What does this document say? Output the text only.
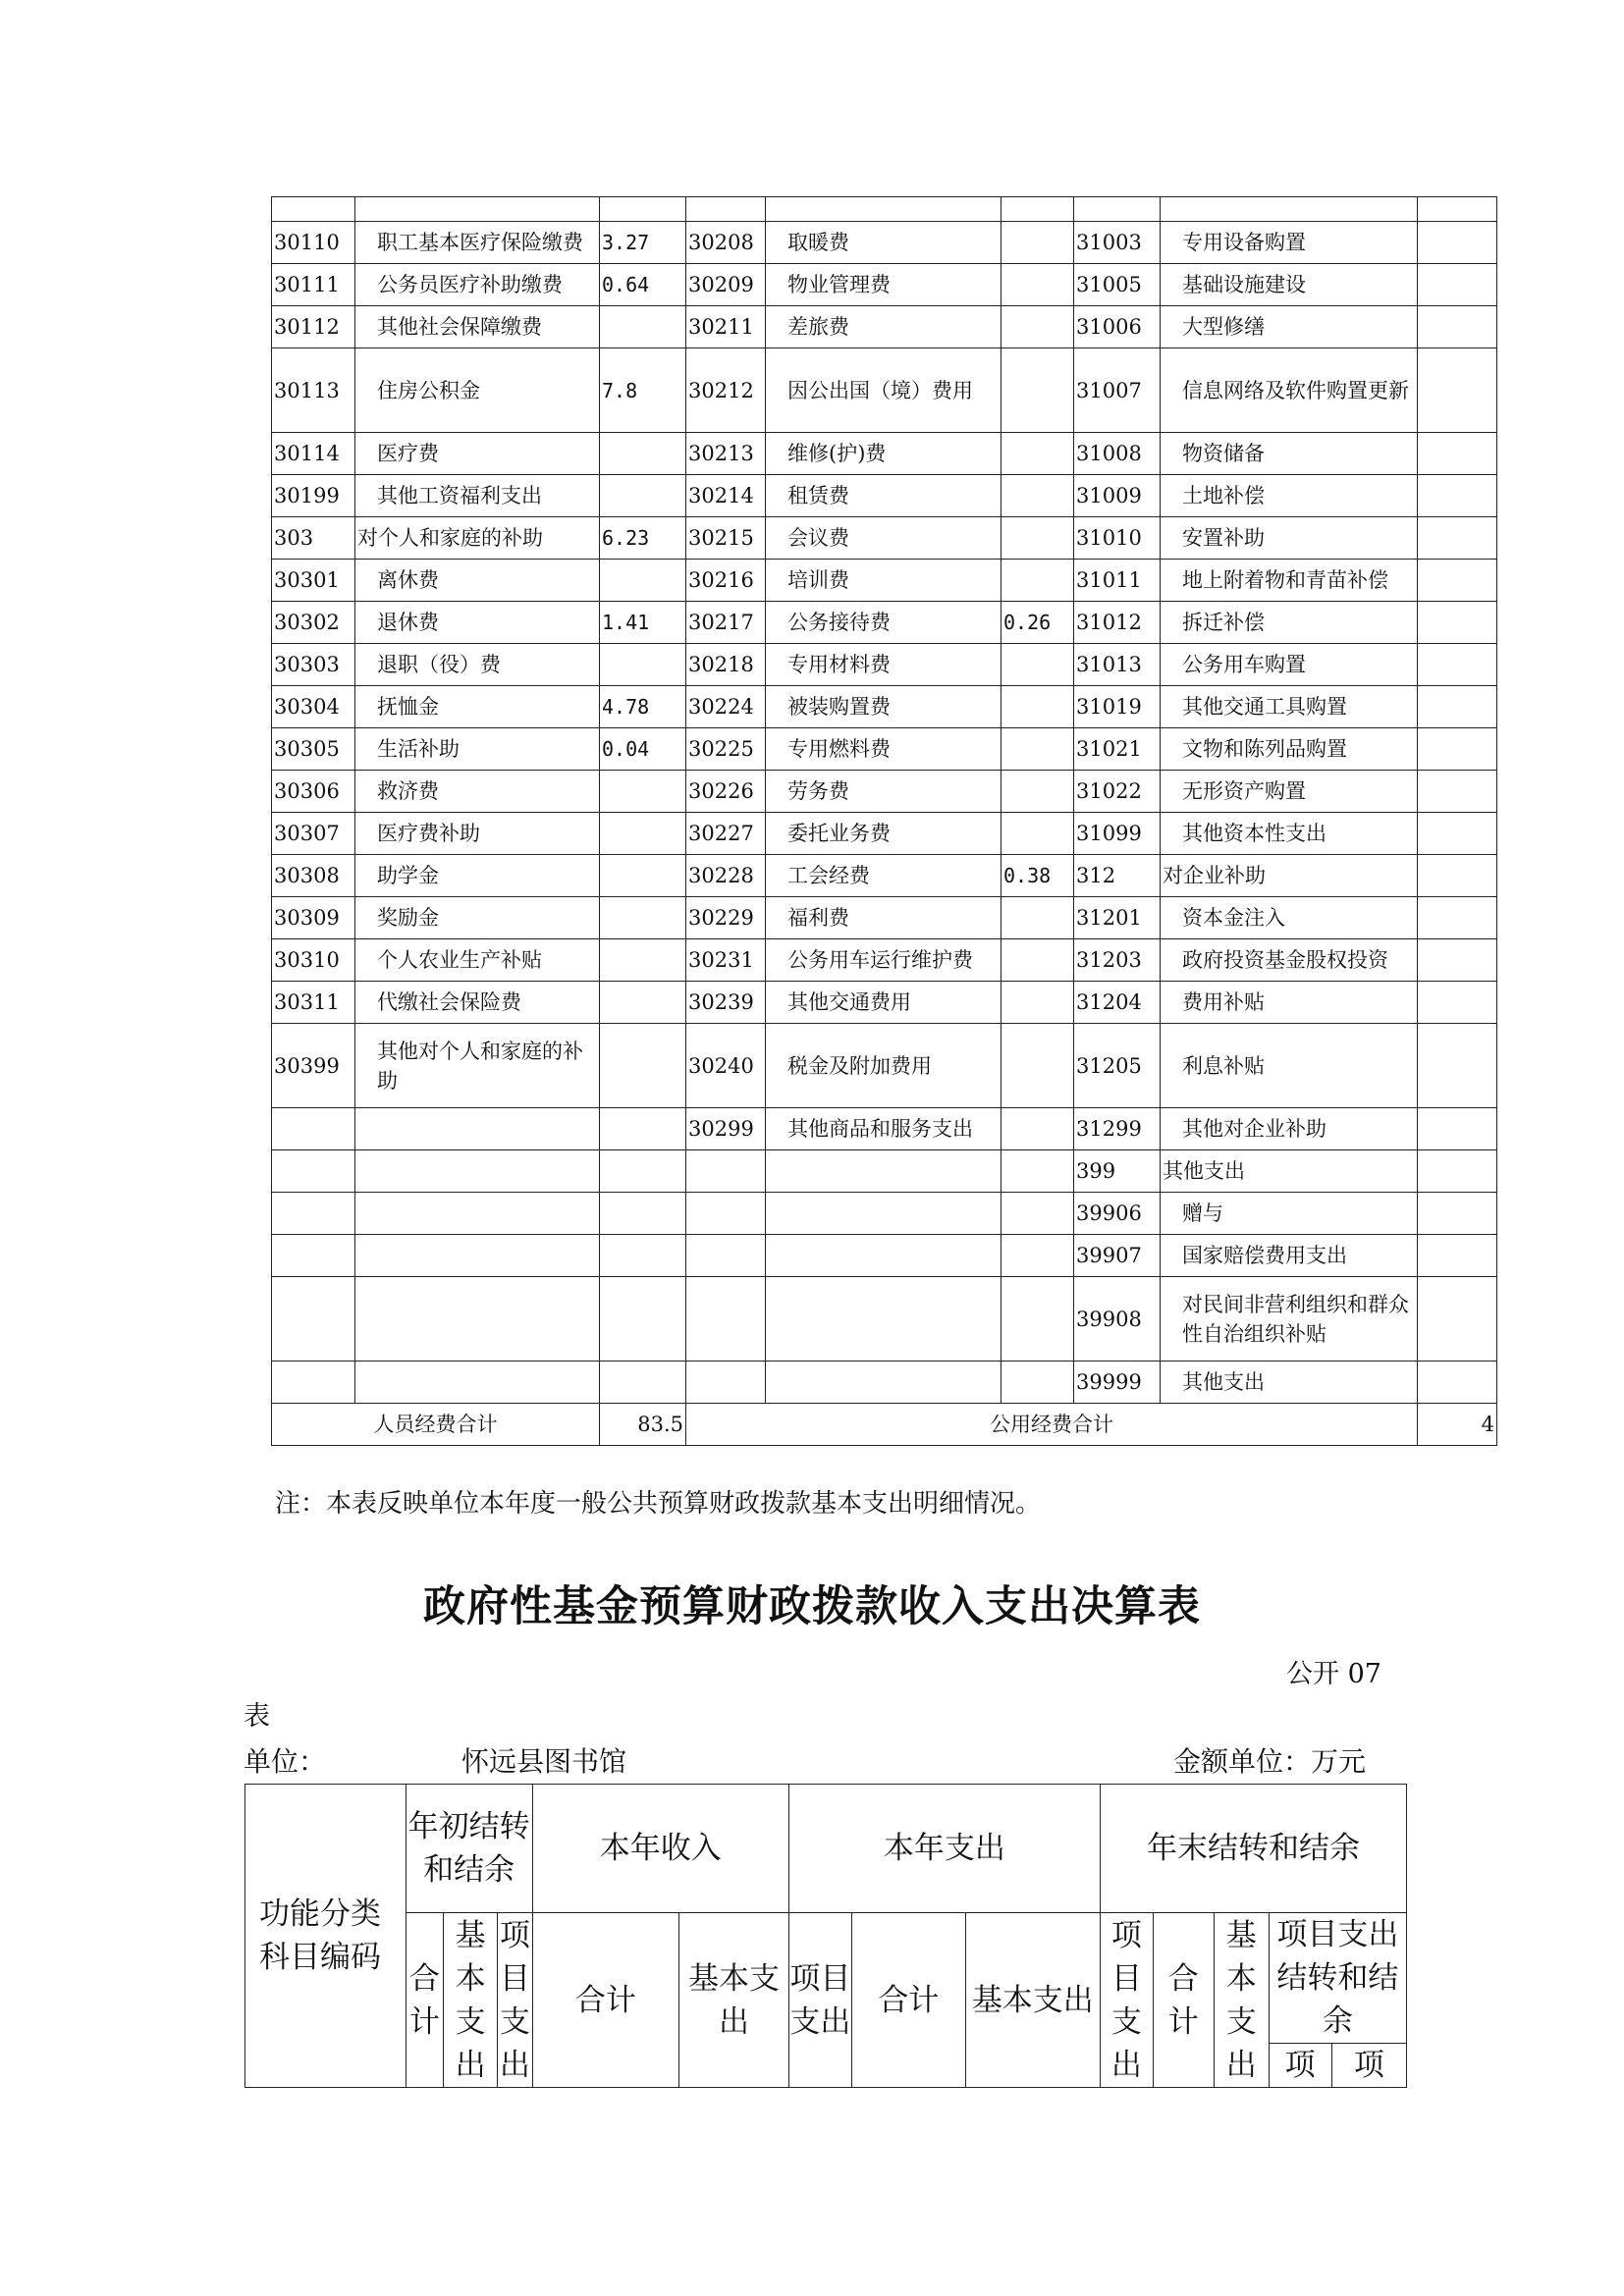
30110	职工基本医疗保险缴费	3.27	30208	取暖费		31003	专用设备购置	
30111	公务员医疗补助缴费	0.64	30209	物业管理费		31005	基础设施建设	
30112	其他社会保障缴费		30211	差旅费		31006	大型修缮	
30113	住房公积金	7.8	30212	因公出国（境）费用		31007	信息网络及软件购置更新	
30114	医疗费		30213	维修(护)费		31008	物资储备	
30199	其他工资福利支出		30214	租赁费		31009	土地补偿	
303	对个人和家庭的补助	6.23	30215	会议费		31010	安置补助	
30301	离休费		30216	培训费		31011	地上附着物和青苗补偿	
30302	退休费	1.41	30217	公务接待费	0.26	31012	拆迁补偿	
30303	退职（役）费		30218	专用材料费		31013	公务用车购置	
30304	抚恤金	4.78	30224	被装购置费		31019	其他交通工具购置	
30305	生活补助	0.04	30225	专用燃料费		31021	文物和陈列品购置	
30306	救济费		30226	劳务费		31022	无形资产购置	
30307	医疗费补助		30227	委托业务费		31099	其他资本性支出	
30308	助学金		30228	工会经费	0.38	312	对企业补助	
30309	奖励金		30229	福利费		31201	资本金注入	
30310	个人农业生产补贴		30231	公务用车运行维护费		31203	政府投资基金股权投资	
30311	代缴社会保险费		30239	其他交通费用		31204	费用补贴	
30399	其他对个人和家庭的补助		30240	税金及附加费用		31205	利息补贴	
			30299	其他商品和服务支出		31299	其他对企业补助	
						399	其他支出	
						39906	赠与	
						39907	国家赔偿费用支出	
						39908	对民间非营利组织和群众性自治组织补贴	
						39999	其他支出	
人员经费合计		83.5	公用经费合计					4
注：本表反映单位本年度一般公共预算财政拨款基本支出明细情况。
政府性基金预算财政拨款收入支出决算表
公开 07
表
单位：	怀远县图书馆	金额单位：万元
功能分类科目编码	年初结转和结余			本年收入		本年支出			年末结转和结余				
	合计	基本支出	项目支出	合计	基本支出	项目支出	合计	基本支出	项目支出	合计	基本支出	项目支出结转和结余	
												项	项
